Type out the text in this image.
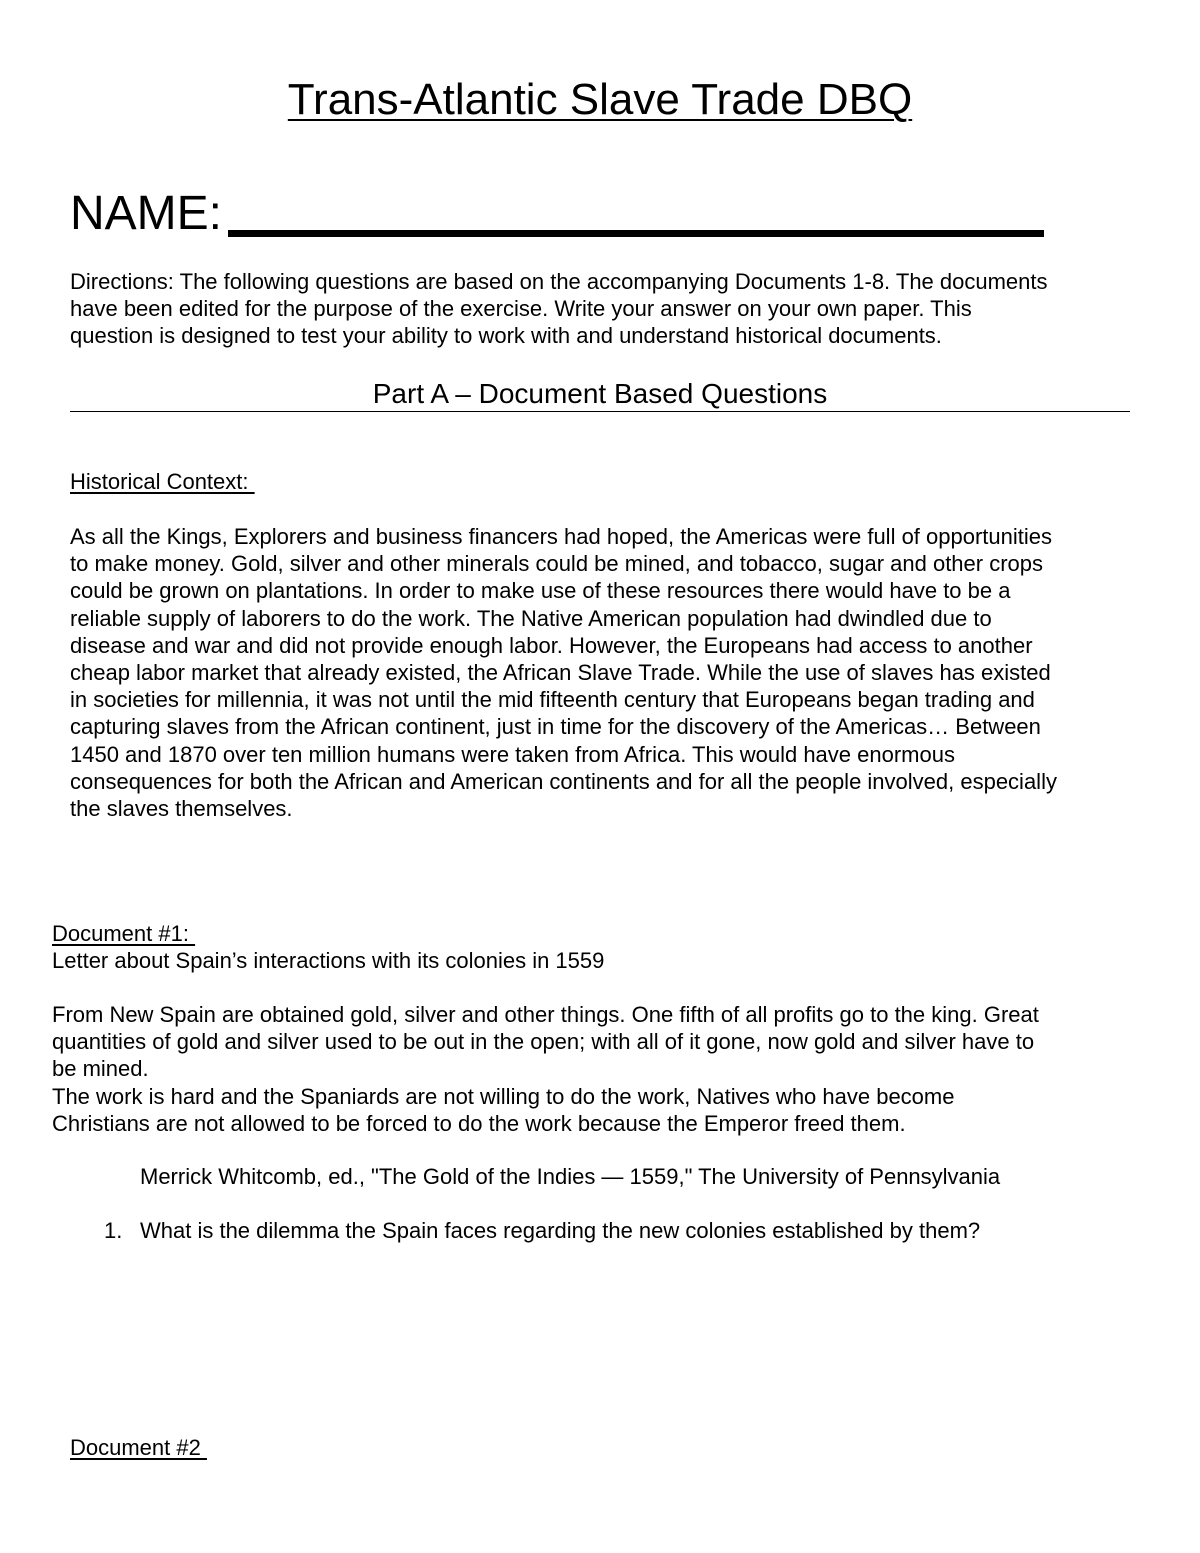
Trans-Atlantic Slave Trade DBQ
NAME:
Directions: The following questions are based on the accompanying Documents 1-8. The documents
have been edited for the purpose of the exercise. Write your answer on your own paper. This
question is designed to test your ability to work with and understand historical documents.
Part A – Document Based Questions
Historical Context:
As all the Kings, Explorers and business financers had hoped, the Americas were full of opportunities
to make money. Gold, silver and other minerals could be mined, and tobacco, sugar and other crops
could be grown on plantations. In order to make use of these resources there would have to be a
reliable supply of laborers to do the work. The Native American population had dwindled due to
disease and war and did not provide enough labor. However, the Europeans had access to another
cheap labor market that already existed, the African Slave Trade. While the use of slaves has existed
in societies for millennia, it was not until the mid fifteenth century that Europeans began trading and
capturing slaves from the African continent, just in time for the discovery of the Americas… Between
1450 and 1870 over ten million humans were taken from Africa. This would have enormous
consequences for both the African and American continents and for all the people involved, especially
the slaves themselves.
Document #1:
Letter about Spain’s interactions with its colonies in 1559
From New Spain are obtained gold, silver and other things. One fifth of all profits go to the king. Great
quantities of gold and silver used to be out in the open; with all of it gone, now gold and silver have to
be mined.
The work is hard and the Spaniards are not willing to do the work, Natives who have become
Christians are not allowed to be forced to do the work because the Emperor freed them.
Merrick Whitcomb, ed., "The Gold of the Indies — 1559," The University of Pennsylvania
1. What is the dilemma the Spain faces regarding the new colonies established by them?
Document #2
